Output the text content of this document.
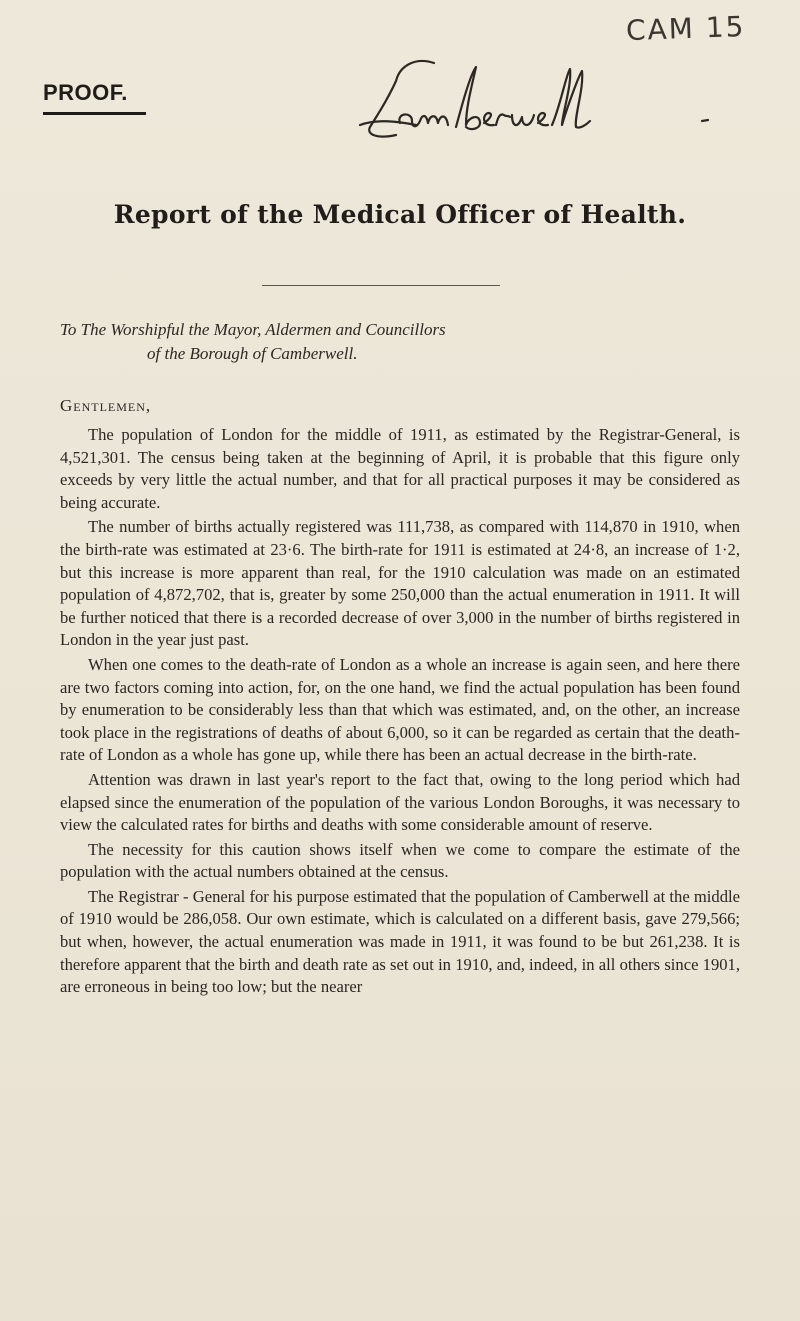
CAM 15
PROOF.
Report of the Medical Officer of Health.
To The Worshipful the Mayor, Aldermen and Councillors
of the Borough of Camberwell.
Gentlemen,

The population of London for the middle of 1911, as estimated by the Registrar-General, is 4,521,301. The census being taken at the beginning of April, it is probable that this figure only exceeds by very little the actual number, and that for all practical purposes it may be considered as being accurate.

The number of births actually registered was 111,738, as compared with 114,870 in 1910, when the birth-rate was estimated at 23·6. The birth-rate for 1911 is estimated at 24·8, an increase of 1·2, but this increase is more apparent than real, for the 1910 calculation was made on an estimated population of 4,872,702, that is, greater by some 250,000 than the actual enumeration in 1911. It will be further noticed that there is a recorded decrease of over 3,000 in the number of births registered in London in the year just past.

When one comes to the death-rate of London as a whole an increase is again seen, and here there are two factors coming into action, for, on the one hand, we find the actual population has been found by enumeration to be considerably less than that which was estimated, and, on the other, an increase took place in the registrations of deaths of about 6,000, so it can be regarded as certain that the death-rate of London as a whole has gone up, while there has been an actual decrease in the birth-rate.

Attention was drawn in last year's report to the fact that, owing to the long period which had elapsed since the enumeration of the population of the various London Boroughs, it was necessary to view the calculated rates for births and deaths with some considerable amount of reserve.

The necessity for this caution shows itself when we come to compare the estimate of the population with the actual numbers obtained at the census.

The Registrar - General for his purpose estimated that the population of Camberwell at the middle of 1910 would be 286,058. Our own estimate, which is calculated on a different basis, gave 279,566; but when, however, the actual enumeration was made in 1911, it was found to be but 261,238. It is therefore apparent that the birth and death rate as set out in 1910, and, indeed, in all others since 1901, are erroneous in being too low; but the nearer
